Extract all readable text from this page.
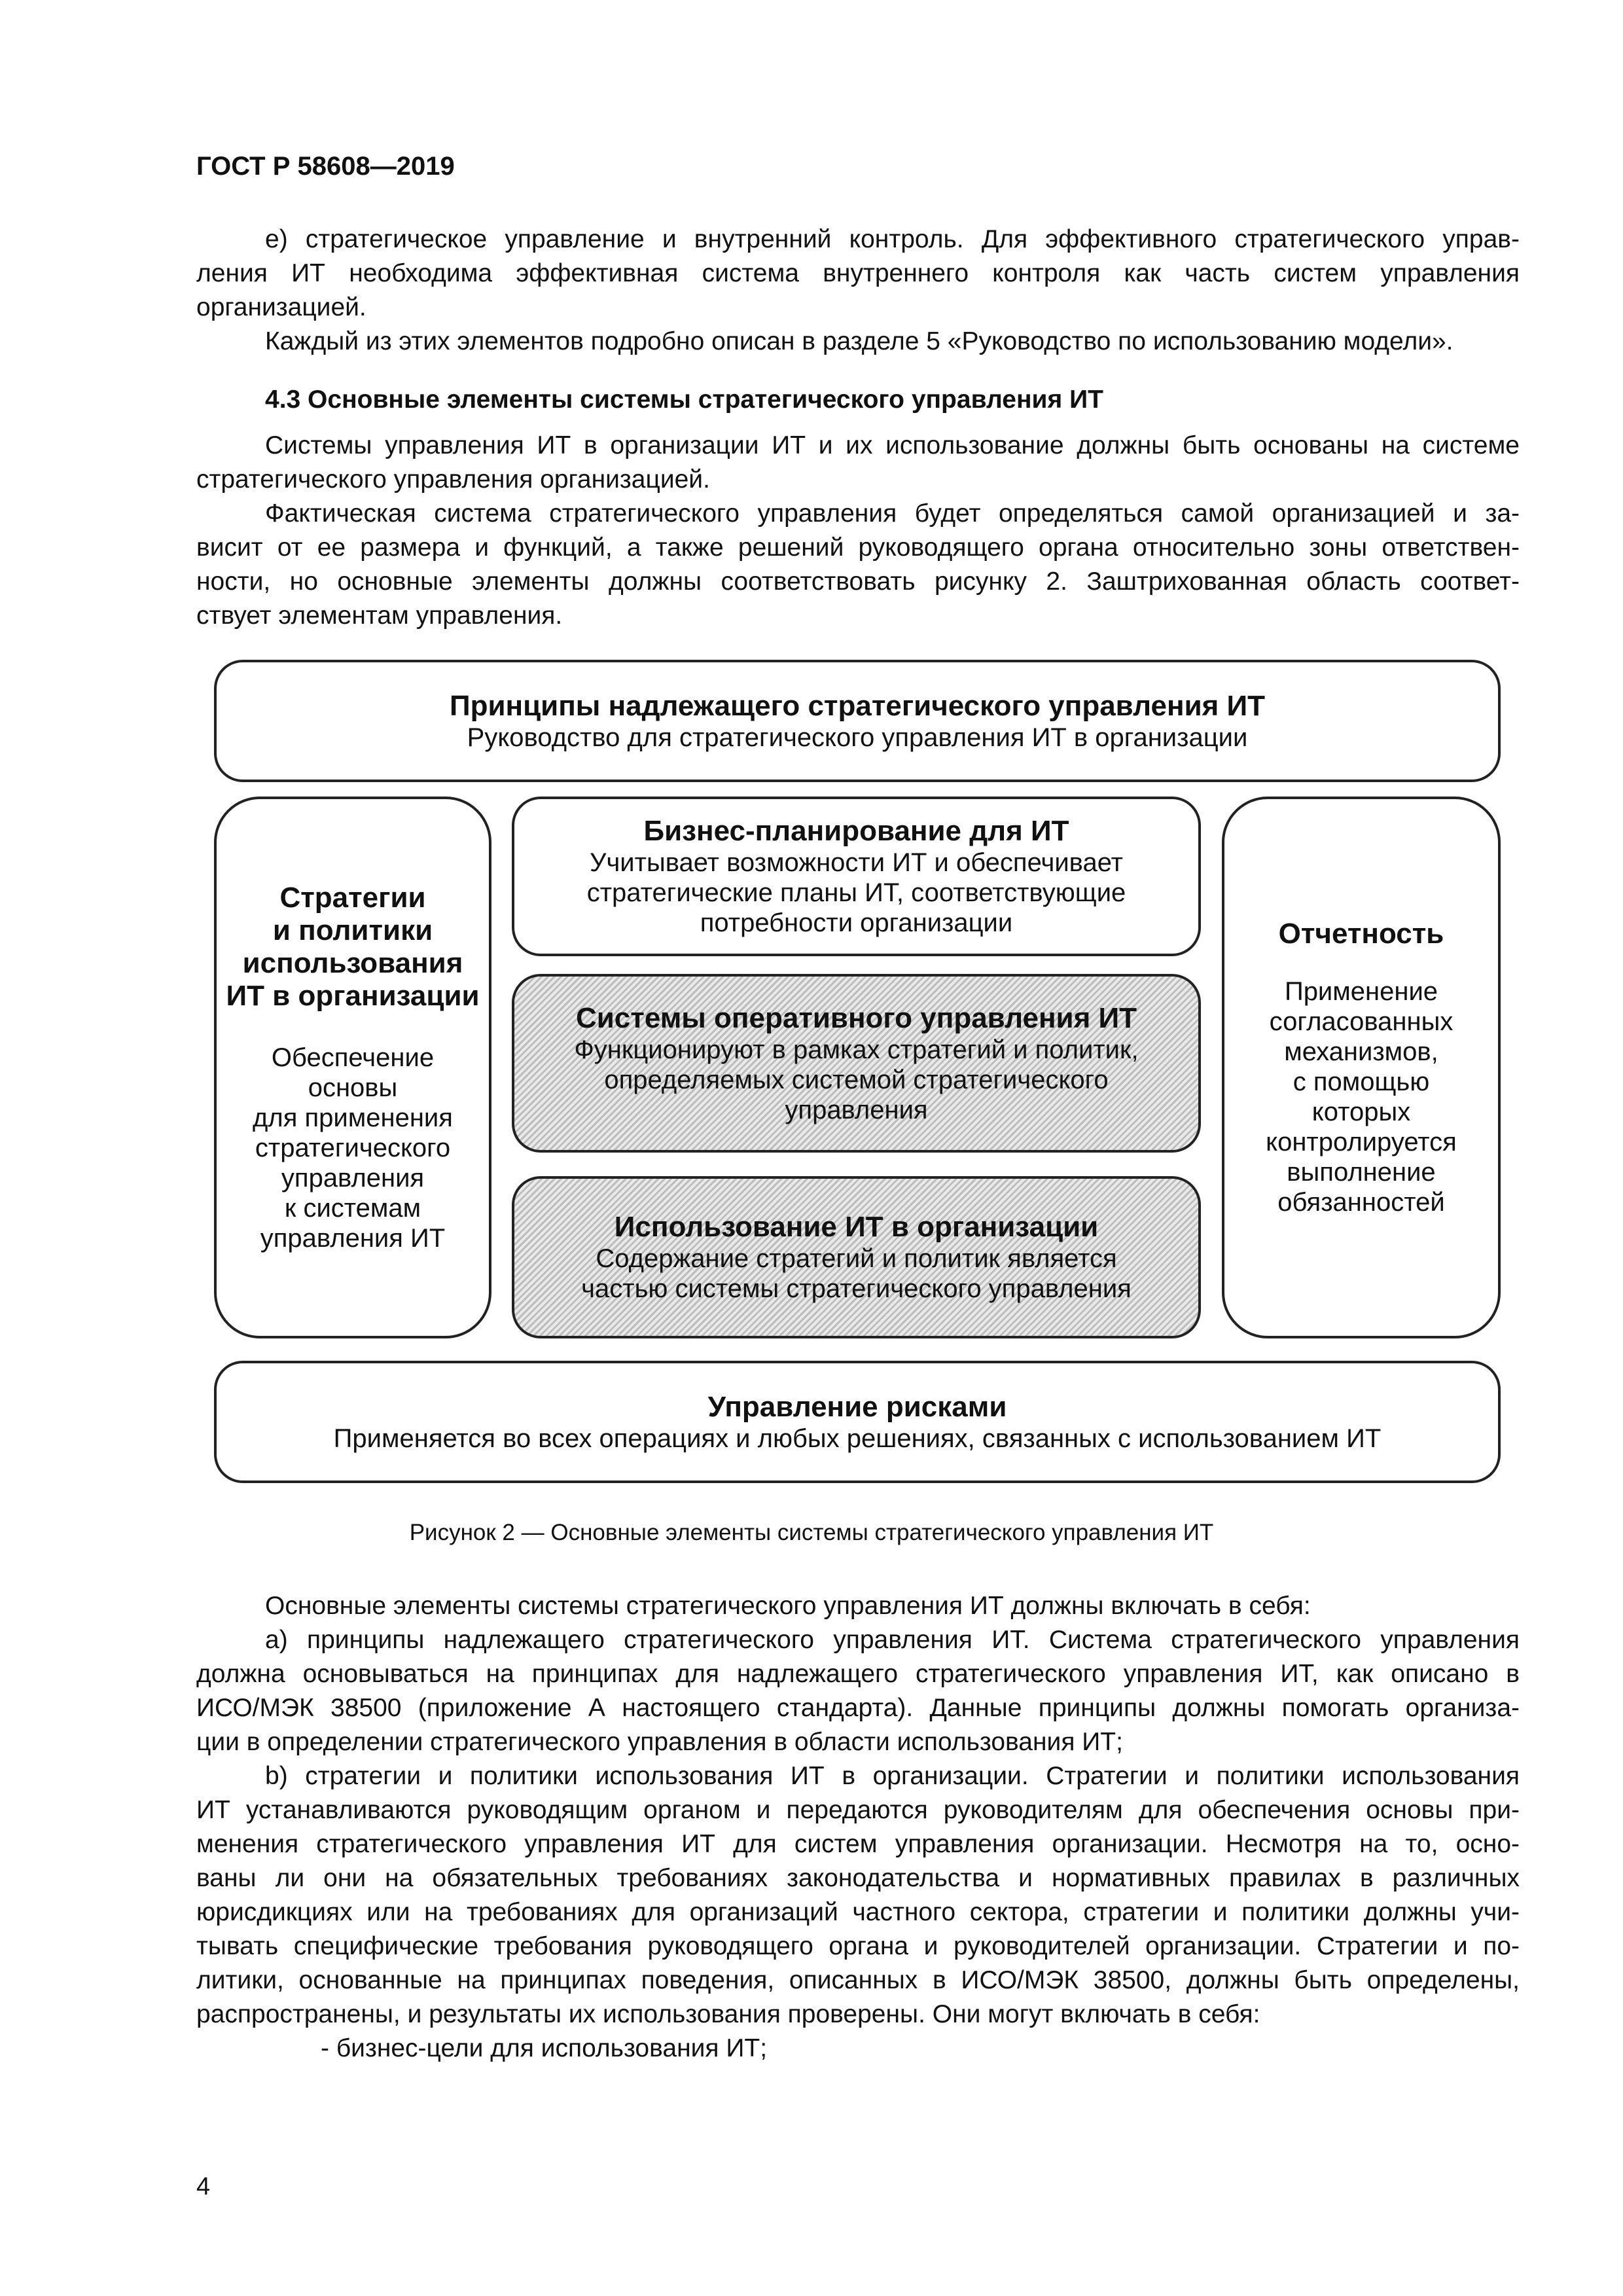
ГОСТ Р 58608—2019
е) стратегическое управление и внутренний контроль. Для эффективного стратегического управ-
ления ИТ необходима эффективная система внутреннего контроля как часть систем управления
организацией.
Каждый из этих элементов подробно описан в разделе 5 «Руководство по использованию модели».
4.3 Основные элементы системы стратегического управления ИТ
Системы управления ИТ в организации ИТ и их использование должны быть основаны на системе
стратегического управления организацией.
Фактическая система стратегического управления будет определяться самой организацией и за-
висит от ее размера и функций, а также решений руководящего органа относительно зоны ответствен-
ности, но основные элементы должны соответствовать рисунку 2. Заштрихованная область соответ-
ствует элементам управления.
Принципы надлежащего стратегического управления ИТ
Руководство для стратегического управления ИТ в организации
Стратегии
и политики
использования
ИТ в организации
Обеспечение
основы
для применения
стратегического
управления
к системам
управления ИТ
Бизнес-планирование для ИТ
Учитывает возможности ИТ и обеспечивает
стратегические планы ИТ, соответствующие
потребности организации
Системы оперативного управления ИТ
Функционируют в рамках стратегий и политик,
определяемых системой стратегического
управления
Использование ИТ в организации
Содержание стратегий и политик является
частью системы стратегического управления
Отчетность
Применение
согласованных
механизмов,
с помощью
которых
контролируется
выполнение
обязанностей
Управление рисками
Применяется во всех операциях и любых решениях, связанных с использованием ИТ
Рисунок 2 — Основные элементы системы стратегического управления ИТ
Основные элементы системы стратегического управления ИТ должны включать в себя:
а) принципы надлежащего стратегического управления ИТ. Система стратегического управления
должна основываться на принципах для надлежащего стратегического управления ИТ, как описано в
ИСО/МЭК 38500 (приложение А настоящего стандарта). Данные принципы должны помогать организа-
ции в определении стратегического управления в области использования ИТ;
b) стратегии и политики использования ИТ в организации. Стратегии и политики использования
ИТ устанавливаются руководящим органом и передаются руководителям для обеспечения основы при-
менения стратегического управления ИТ для систем управления организации. Несмотря на то, осно-
ваны ли они на обязательных требованиях законодательства и нормативных правилах в различных
юрисдикциях или на требованиях для организаций частного сектора, стратегии и политики должны учи-
тывать специфические требования руководящего органа и руководителей организации. Стратегии и по-
литики, основанные на принципах поведения, описанных в ИСО/МЭК 38500, должны быть определены,
распространены, и результаты их использования проверены. Они могут включать в себя:
- бизнес-цели для использования ИТ;
4
